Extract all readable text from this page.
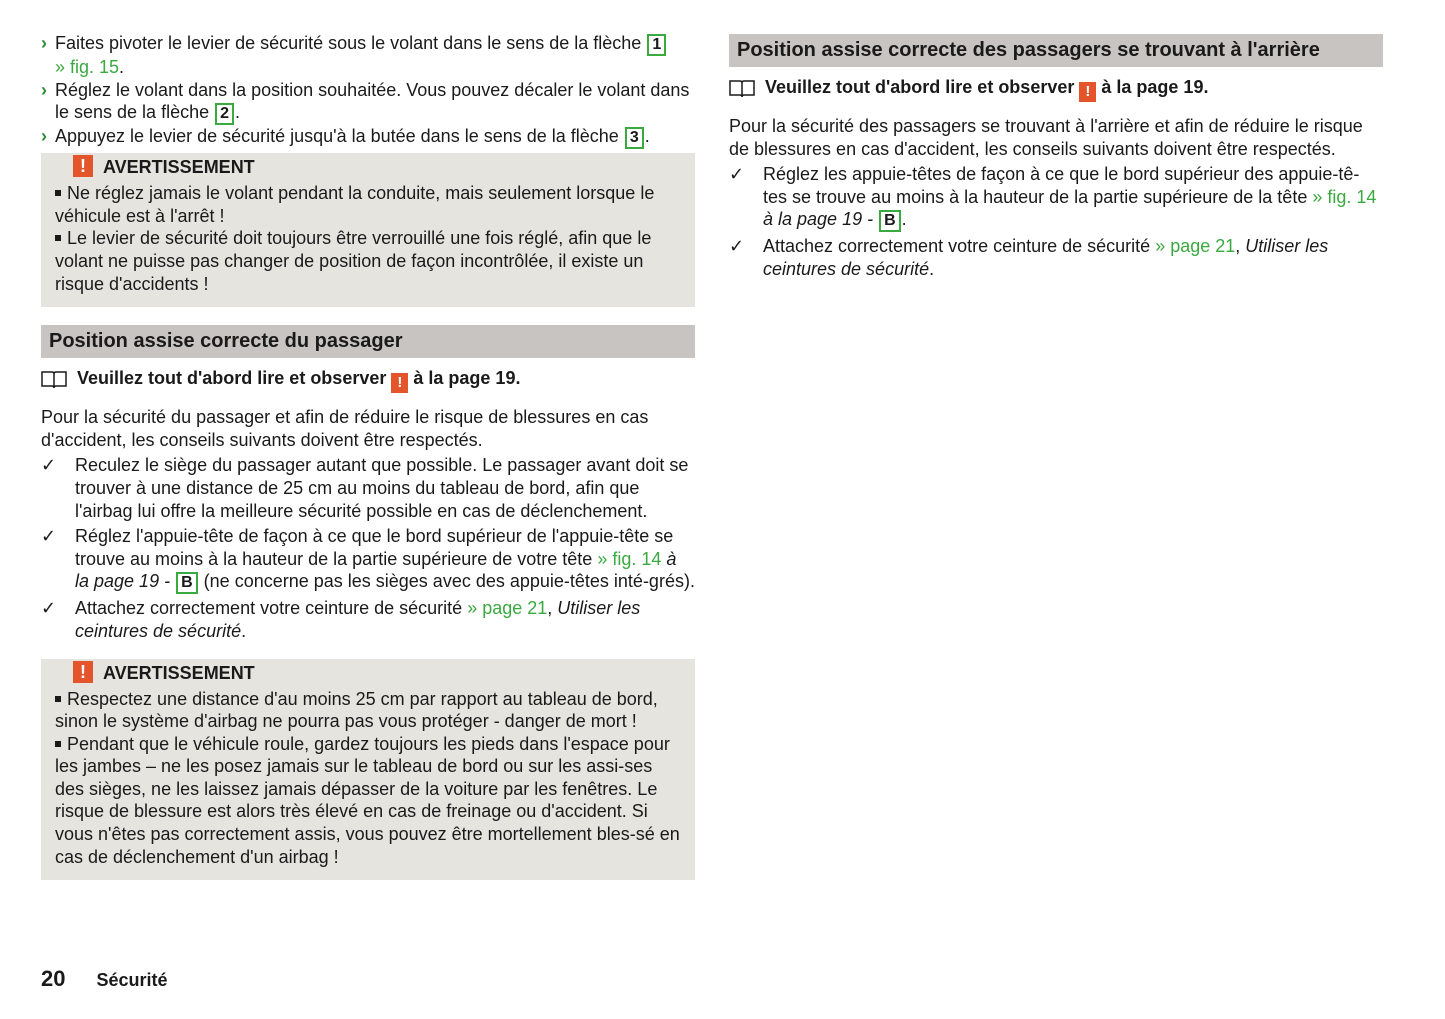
› Faites pivoter le levier de sécurité sous le volant dans le sens de la flèche 1
» fig. 15.
› Réglez le volant dans la position souhaitée. Vous pouvez décaler le volant dans le sens de la flèche 2 .
› Appuyez le levier de sécurité jusqu'à la butée dans le sens de la flèche 3 .
! AVERTISSEMENT

Ne réglez jamais le volant pendant la conduite, mais seulement lorsque le véhicule est à l'arrêt !

Le levier de sécurité doit toujours être verrouillé une fois réglé, afin que le volant ne puisse pas changer de position de façon incontrôlée, il existe un risque d'accidents !

Position assise correcte du passager
Veuillez tout d'abord lire et observer ! à la page 19.
Pour la sécurité du passager et afin de réduire le risque de blessures en cas d'accident, les conseils suivants doivent être respectés.
✓ Reculez le siège du passager autant que possible. Le passager avant doit se trouver à une distance de 25 cm au moins du tableau de bord, afin que l'airbag lui offre la meilleure sécurité possible en cas de déclenchement.
✓ Réglez l'appuie-tête de façon à ce que le bord supérieur de l'appuie-tête se trouve au moins à la hauteur de la partie supérieure de votre tête » fig. 14 à la page 19 - B (ne concerne pas les sièges avec des appuie-têtes inté-grés).
✓ Attachez correctement votre ceinture de sécurité » page 21, Utiliser les ceintures de sécurité.
! AVERTISSEMENT

Respectez une distance d'au moins 25 cm par rapport au tableau de bord, sinon le système d'airbag ne pourra pas vous protéger - danger de mort !

Pendant que le véhicule roule, gardez toujours les pieds dans l'espace pour les jambes – ne les posez jamais sur le tableau de bord ou sur les assi-ses des sièges, ne les laissez jamais dépasser de la voiture par les fenêtres. Le risque de blessure est alors très élevé en cas de freinage ou d'accident. Si vous n'êtes pas correctement assis, vous pouvez être mortellement bles-sé en cas de déclenchement d'un airbag !

Position assise correcte des passagers se trouvant à l'arrière
Veuillez tout d'abord lire et observer ! à la page 19.
Pour la sécurité des passagers se trouvant à l'arrière et afin de réduire le risque de blessures en cas d'accident, les conseils suivants doivent être respectés.
✓ Réglez les appuie-têtes de façon à ce que le bord supérieur des appuie-tê-tes se trouve au moins à la hauteur de la partie supérieure de la tête » fig. 14 à la page 19 - B .
✓ Attachez correctement votre ceinture de sécurité » page 21, Utiliser les ceintures de sécurité.
20 Sécurité
